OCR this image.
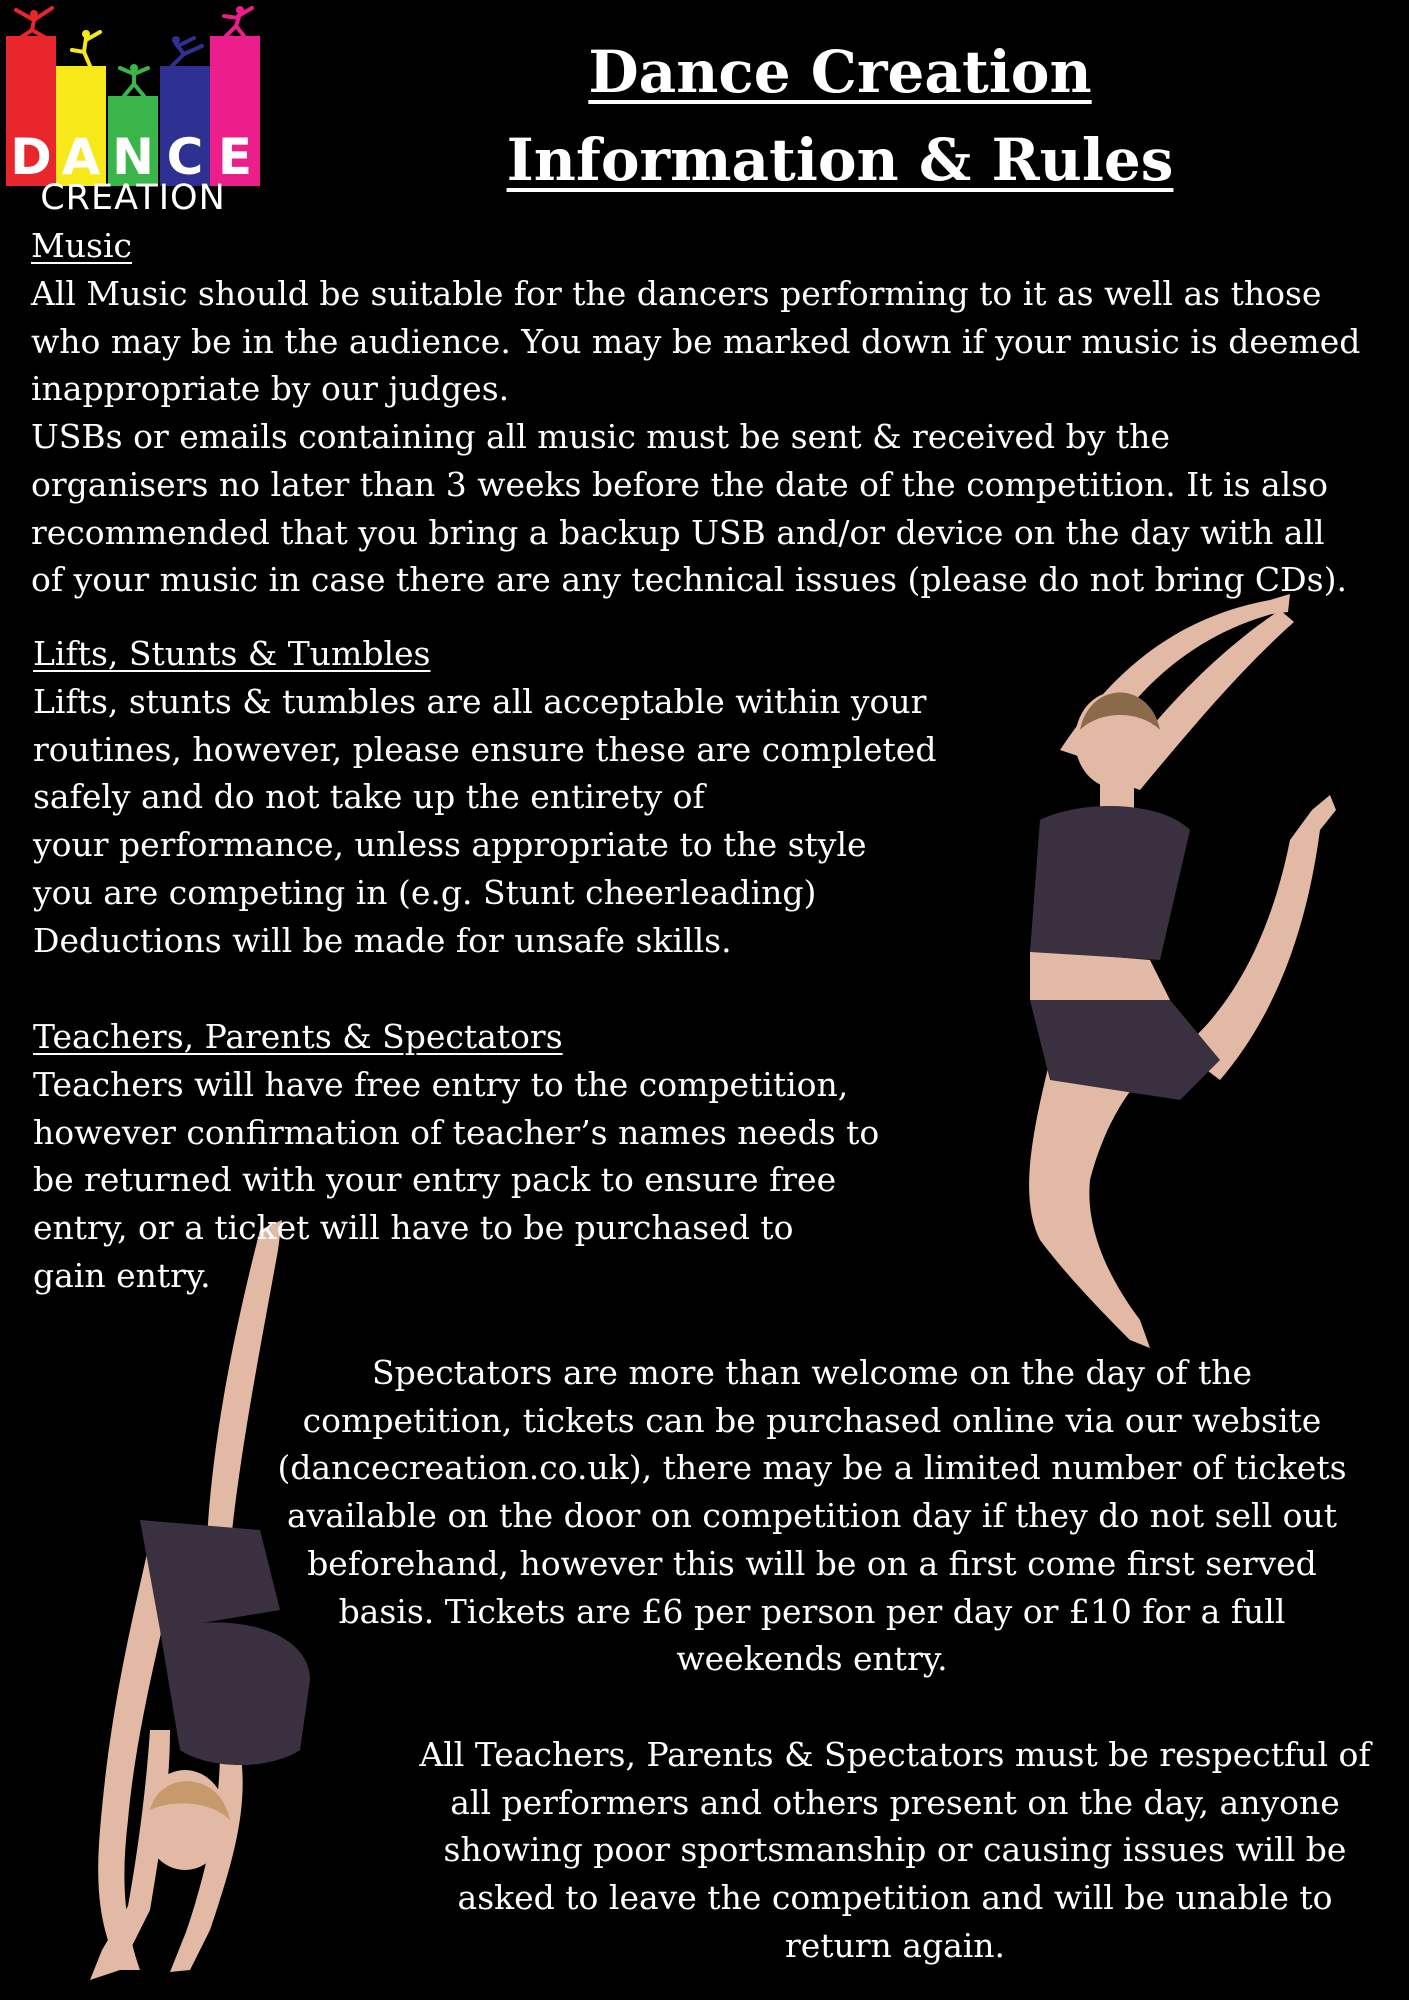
D A N C E
CREATION
Dance Creation
Information & Rules
Music
All Music should be suitable for the dancers performing to it as well as those
who may be in the audience. You may be marked down if your music is deemed
inappropriate by our judges.
USBs or emails containing all music must be sent & received by the
organisers no later than 3 weeks before the date of the competition. It is also
recommended that you bring a backup USB and/or device on the day with all
of your music in case there are any technical issues (please do not bring CDs).
Lifts, Stunts & Tumbles
Lifts, stunts & tumbles are all acceptable within your
routines, however, please ensure these are completed
safely and do not take up the entirety of
your performance, unless appropriate to the style
you are competing in (e.g. Stunt cheerleading)
Deductions will be made for unsafe skills.
Teachers, Parents & Spectators
Teachers will have free entry to the competition,
however confirmation of teacher’s names needs to
be returned with your entry pack to ensure free
entry, or a ticket will have to be purchased to
gain entry.
Spectators are more than welcome on the day of the
competition, tickets can be purchased online via our website
(dancecreation.co.uk), there may be a limited number of tickets
available on the door on competition day if they do not sell out
beforehand, however this will be on a first come first served
basis. Tickets are £6 per person per day or £10 for a full
weekends entry.
All Teachers, Parents & Spectators must be respectful of
all performers and others present on the day, anyone
showing poor sportsmanship or causing issues will be
asked to leave the competition and will be unable to
return again.
